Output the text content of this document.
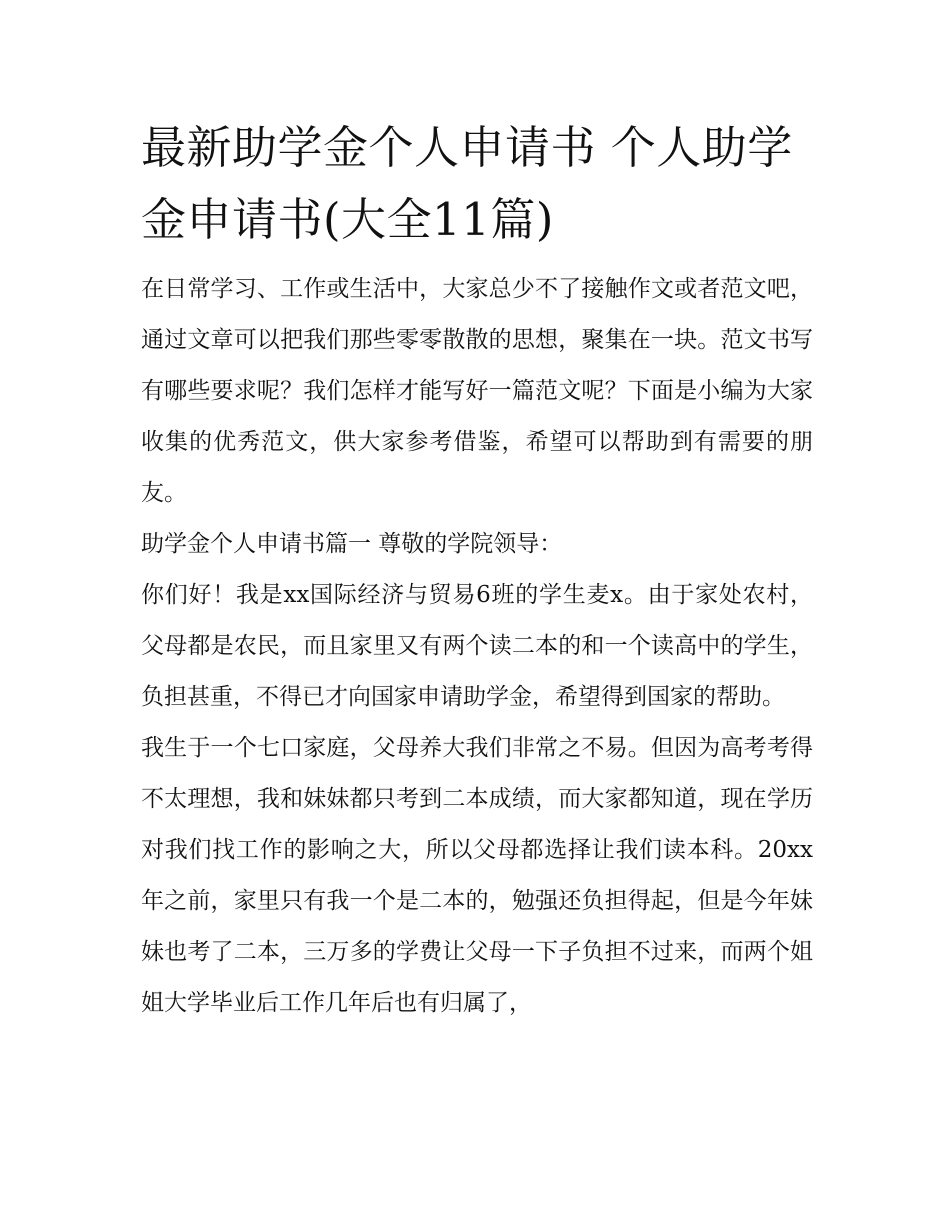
最新助学金个人申请书 个人助学金申请书(大全11篇)

在日常学习、工作或生活中，大家总少不了接触作文或者范文吧，通过文章可以把我们那些零零散散的思想，聚集在一块。范文书写有哪些要求呢？我们怎样才能写好一篇范文呢？下面是小编为大家收集的优秀范文，供大家参考借鉴，希望可以帮助到有需要的朋友。

助学金个人申请书篇一 尊敬的学院领导：

你们好！我是xx国际经济与贸易6班的学生麦x。由于家处农村，父母都是农民，而且家里又有两个读二本的和一个读高中的学生，负担甚重，不得已才向国家申请助学金，希望得到国家的帮助。

我生于一个七口家庭，父母养大我们非常之不易。但因为高考考得不太理想，我和妹妹都只考到二本成绩，而大家都知道，现在学历对我们找工作的影响之大，所以父母都选择让我们读本科。20xx年之前，家里只有我一个是二本的，勉强还负担得起，但是今年妹妹也考了二本，三万多的学费让父母一下子负担不过来，而两个姐姐大学毕业后工作几年后也有归属了，
